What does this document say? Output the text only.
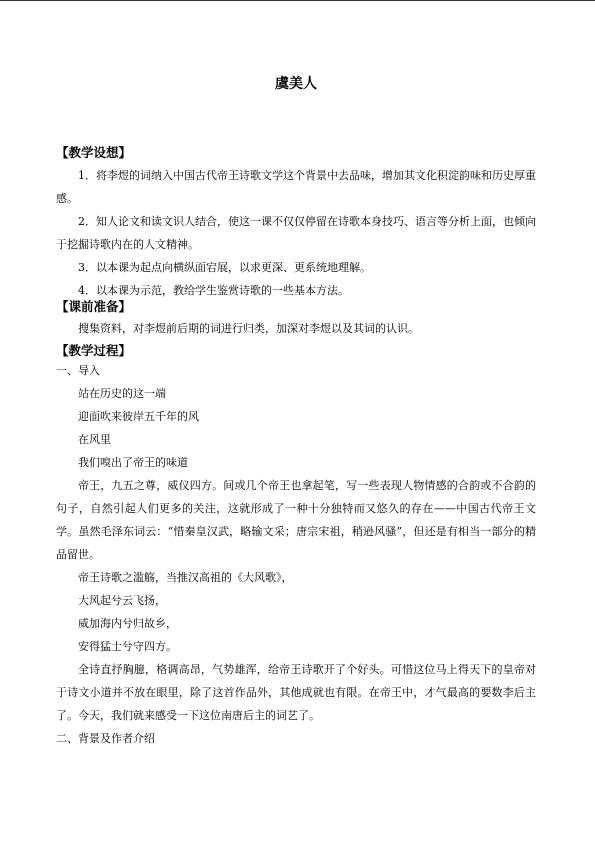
虞美人
【教学设想】

1．将李煜的词纳入中国古代帝王诗歌文学这个背景中去品味，增加其文化积淀韵味和历史厚重感。

2．知人论文和读文识人结合，使这一课不仅仅停留在诗歌本身技巧、语言等分析上面，也倾向于挖掘诗歌内在的人文精神。

3．以本课为起点向横纵面宕展，以求更深、更系统地理解。

4．以本课为示范，教给学生鉴赏诗歌的一些基本方法。

【课前准备】

搜集资料，对李煜前后期的词进行归类，加深对李煜以及其词的认识。

【教学过程】
一、导入
站在历史的这一端
迎面吹来彼岸五千年的风
在风里
我们嗅出了帝王的味道

帝王，九五之尊，威仪四方。间或几个帝王也拿起笔，写一些表现人物情感的合韵或不合韵的句子，自然引起人们更多的关注，这就形成了一种十分独特而又悠久的存在——中国古代帝王文学。虽然毛泽东词云：“惜秦皇汉武，略输文采；唐宗宋祖，稍逊风骚”，但还是有相当一部分的精品留世。

帝王诗歌之滥觞，当推汉高祖的《大风歌》，

大风起兮云飞扬，
威加海内兮归故乡，
安得猛士兮守四方。

全诗直抒胸臆，格调高昂，气势雄浑，给帝王诗歌开了个好头。可惜这位马上得天下的皇帝对于诗文小道并不放在眼里，除了这首作品外，其他成就也有限。在帝王中，才气最高的要数李后主了。今天，我们就来感受一下这位南唐后主的词艺了。

二、背景及作者介绍
